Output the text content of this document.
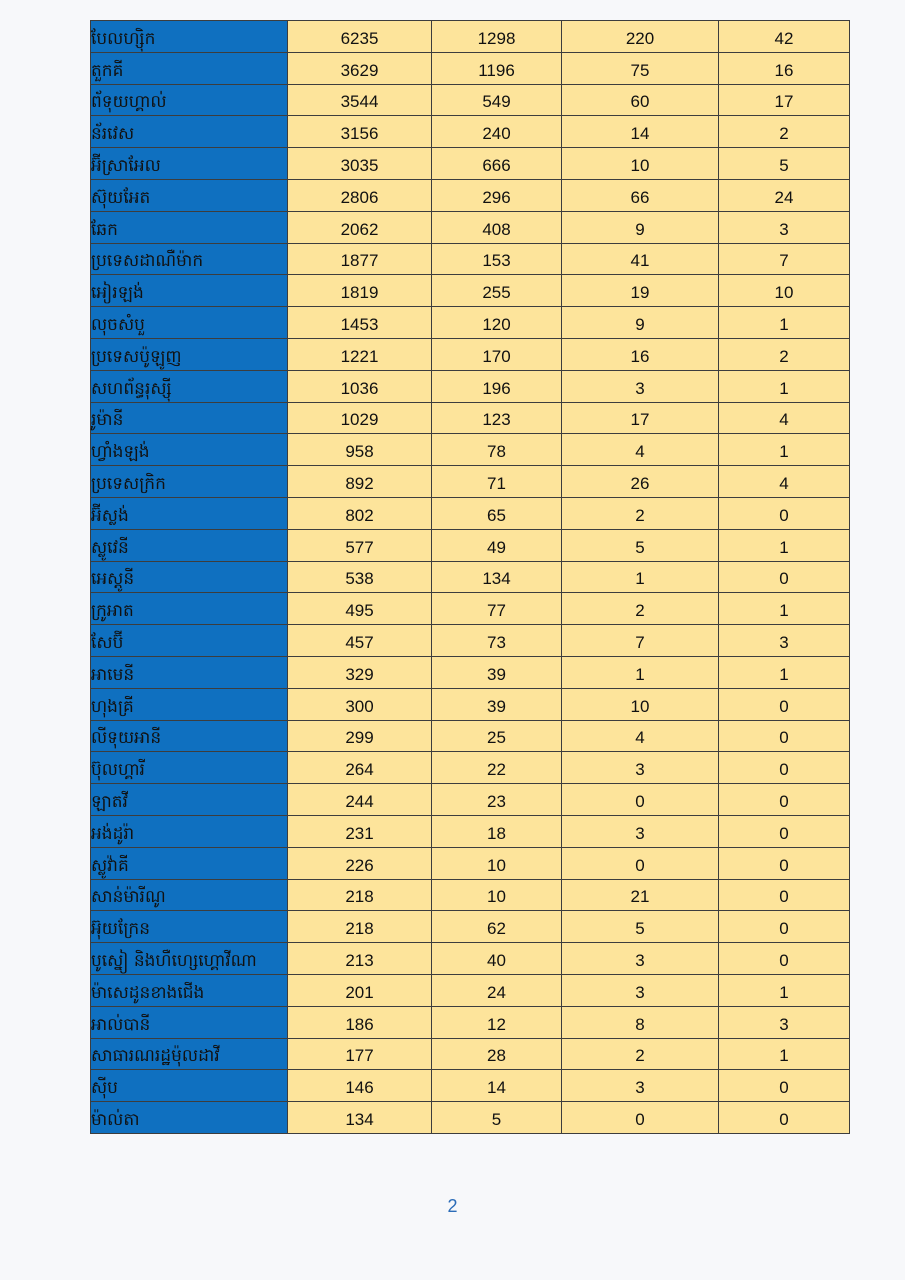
បែលហ្ស៊ិក	6235	1298	220	42
តួកគី	3629	1196	75	16
ព័ទុយហ្គាល់	3544	549	60	17
ន័រវេស	3156	240	14	2
អ៊ីស្រាអែល	3035	666	10	5
ស៊ុយអែត	2806	296	66	24
ឆែក	2062	408	9	3
ប្រទេសដាណឺម៉ាក	1877	153	41	7
អៀរឡង់	1819	255	19	10
លុចសំបួ	1453	120	9	1
ប្រទេសប៉ូឡូញ	1221	170	16	2
សហព័ន្ធរុស្ស៊ី	1036	196	3	1
រូម៉ានី	1029	123	17	4
ហ្វាំងឡង់	958	78	4	1
ប្រទេសក្រិក	892	71	26	4
អ៊ីស្លង់	802	65	2	0
ស្លូវេនី	577	49	5	1
អេស្តូនី	538	134	1	0
ក្រូអាត	495	77	2	1
សែប៊ី	457	73	7	3
អាមេនី	329	39	1	1
ហុងគ្រី	300	39	10	0
លីទុយអានី	299	25	4	0
ប៊ុលហ្គារី	264	22	3	0
ឡាតវី	244	23	0	0
អង់ដូរ៉ា	231	18	3	0
ស្លូវ៉ាគី	226	10	0	0
សាន់ម៉ារីណូ	218	10	21	0
អ៊ុយក្រែន	218	62	5	0
បូស្នៀ និងហឺហ្សេហ្គោវីណា	213	40	3	0
ម៉ាសេដូនខាងជើង	201	24	3	1
អាល់បានី	186	12	8	3
សាធារណរដ្ឋម៉ុលដាវី	177	28	2	1
ស៊ីប	146	14	3	0
ម៉ាល់តា	134	5	0	0
2
